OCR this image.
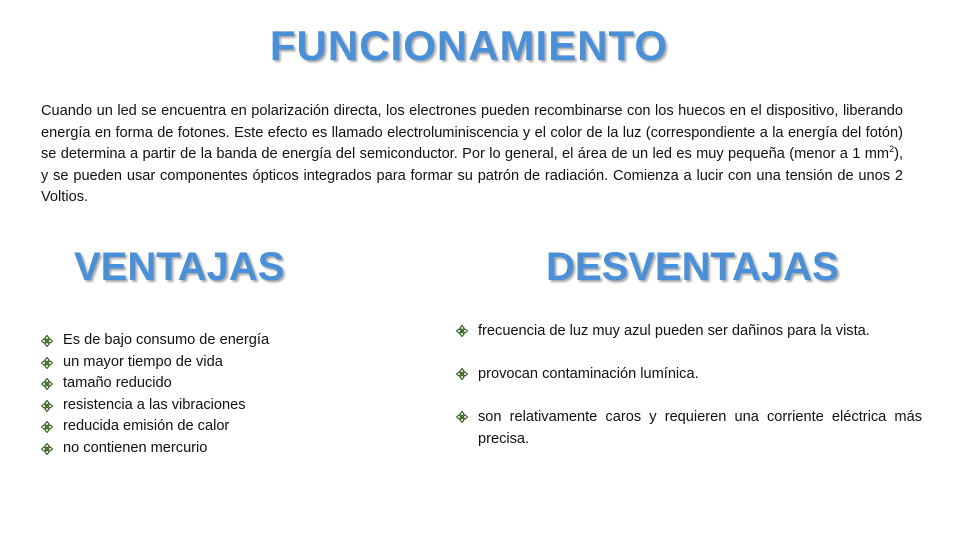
FUNCIONAMIENTO

Cuando un led se encuentra en polarización directa, los electrones pueden recombinarse con los huecos en el dispositivo, liberando energía en forma de fotones. Este efecto es llamado electroluminiscencia y el color de la luz (correspondiente a la energía del fotón) se determina a partir de la banda de energía del semiconductor. Por lo general, el área de un led es muy pequeña (menor a 1 $mm^2$), y se pueden usar componentes ópticos integrados para formar su patrón de radiación. Comienza a lucir con una tensión de unos 2 Voltios.

VENTAJAS	DESVENTAJAS
Es de bajo consumo de energía
un mayor tiempo de vida
tamaño reducido
resistencia a las vibraciones
reducida emisión de calor
no contienen mercurio
frecuencia de luz muy azul pueden ser dañinos para la vista.
provocan contaminación lumínica.
son relativamente caros y requieren una corriente eléctrica más precisa.
